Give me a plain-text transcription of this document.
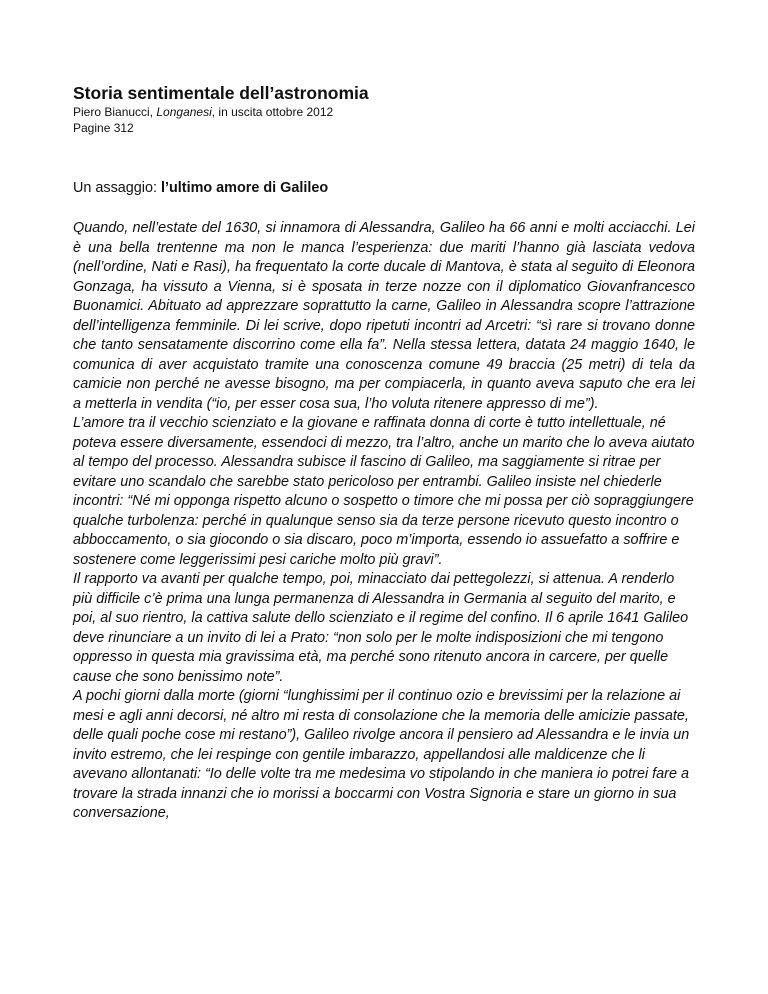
Storia sentimentale dell’astronomia

Piero Bianucci, Longanesi, in uscita ottobre 2012

Pagine 312

Un assaggio: l’ultimo amore di Galileo

Quando, nell’estate del 1630, si innamora di Alessandra, Galileo ha 66 anni e molti acciacchi. Lei è una bella trentenne ma non le manca l’esperienza: due mariti l’hanno già lasciata vedova (nell’ordine, Nati e Rasi), ha frequentato la corte ducale di Mantova, è stata al seguito di Eleonora Gonzaga, ha vissuto a Vienna, si è sposata in terze nozze con il diplomatico Giovanfrancesco Buonamici. Abituato ad apprezzare soprattutto la carne, Galileo in Alessandra scopre l’attrazione dell’intelligenza femminile. Di lei scrive, dopo ripetuti incontri ad Arcetri: “sì rare si trovano donne che tanto sensatamente discorrino come ella fa”. Nella stessa lettera, datata 24 maggio 1640, le comunica di aver acquistato tramite una conoscenza comune 49 braccia (25 metri) di tela da camicie non perché ne avesse bisogno, ma per compiacerla, in quanto aveva saputo che era lei a metterla in vendita (“io, per esser cosa sua, l’ho voluta ritenere appresso di me”).

L’amore tra il vecchio scienziato e la giovane e raffinata donna di corte è tutto intellettuale, né poteva essere diversamente, essendoci di mezzo, tra l’altro, anche un marito che lo aveva aiutato al tempo del processo. Alessandra subisce il fascino di Galileo, ma saggiamente si ritrae per evitare uno scandalo che sarebbe stato pericoloso per entrambi. Galileo insiste nel chiederle incontri: “Né mi opponga rispetto alcuno o sospetto o timore che mi possa per ciò sopraggiungere qualche turbolenza: perché in qualunque senso sia da terze persone ricevuto questo incontro o abboccamento, o sia giocondo o sia discaro, poco m’importa, essendo io assuefatto a soffrire e sostenere come leggerissimi pesi cariche molto più gravi”.

Il rapporto va avanti per qualche tempo, poi, minacciato dai pettegolezzi, si attenua. A renderlo più difficile c’è prima una lunga permanenza di Alessandra in Germania al seguito del marito, e poi, al suo rientro, la cattiva salute dello scienziato e il regime del confino. Il 6 aprile 1641 Galileo deve rinunciare a un invito di lei a Prato: “non solo per le molte indisposizioni che mi tengono oppresso in questa mia gravissima età, ma perché sono ritenuto ancora in carcere, per quelle cause che sono benissimo note”.

A pochi giorni dalla morte (giorni “lunghissimi per il continuo ozio e brevissimi per la relazione ai mesi e agli anni decorsi, né altro mi resta di consolazione che la memoria delle amicizie passate, delle quali poche cose mi restano”), Galileo rivolge ancora il pensiero ad Alessandra e le invia un invito estremo, che lei respinge con gentile imbarazzo, appellandosi alle maldicenze che li avevano allontanati: “Io delle volte tra me medesima vo stipolando in che maniera io potrei fare a trovare la strada innanzi che io morissi a boccarmi con Vostra Signoria e stare un giorno in sua conversazione,
